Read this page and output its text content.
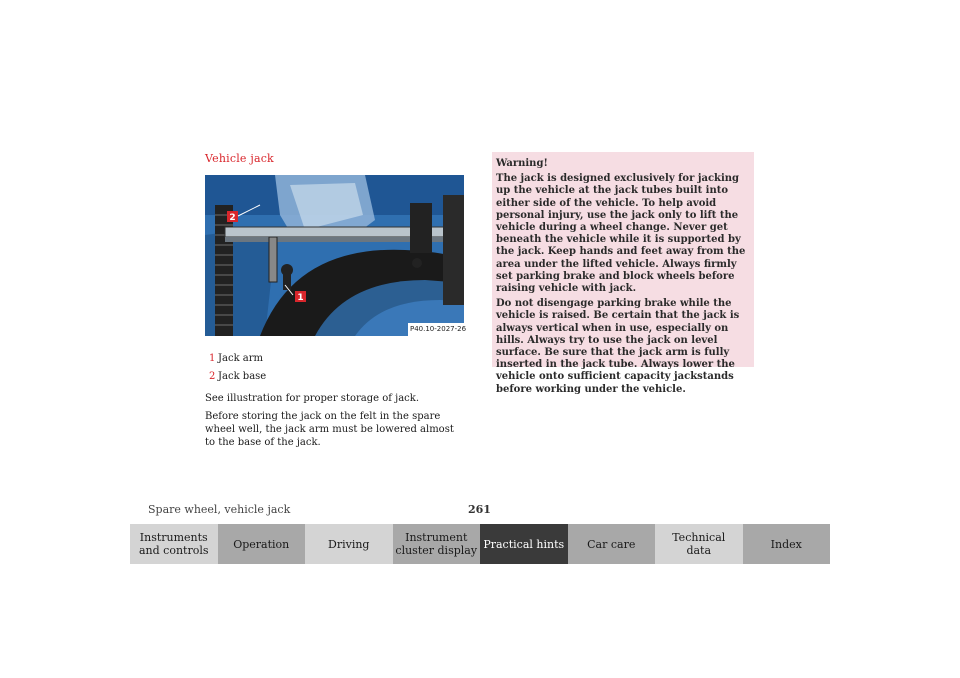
Vehicle jack
2
1
P40.10-2027-26
1 Jack arm
2 Jack base

See illustration for proper storage of jack.

Before storing the jack on the felt in the spare wheel well, the jack arm must be lowered almost to the base of the jack.

Warning!

The jack is designed exclusively for jacking up the vehicle at the jack tubes built into either side of the vehicle. To help avoid personal injury, use the jack only to lift the vehicle during a wheel change. Never get beneath the vehicle while it is supported by the jack. Keep hands and feet away from the area under the lifted vehicle. Always firmly set parking brake and block wheels before raising vehicle with jack.

Do not disengage parking brake while the vehicle is raised. Be certain that the jack is always vertical when in use, especially on hills. Always try to use the jack on level surface. Be sure that the jack arm is fully inserted in the jack tube. Always lower the vehicle onto sufficient capacity jackstands before working under the vehicle.

Spare wheel, vehicle jack	261
Instruments
and controls Operation	Driving	Instrument
cluster display Practical hints Car care	Technical
data	Index
